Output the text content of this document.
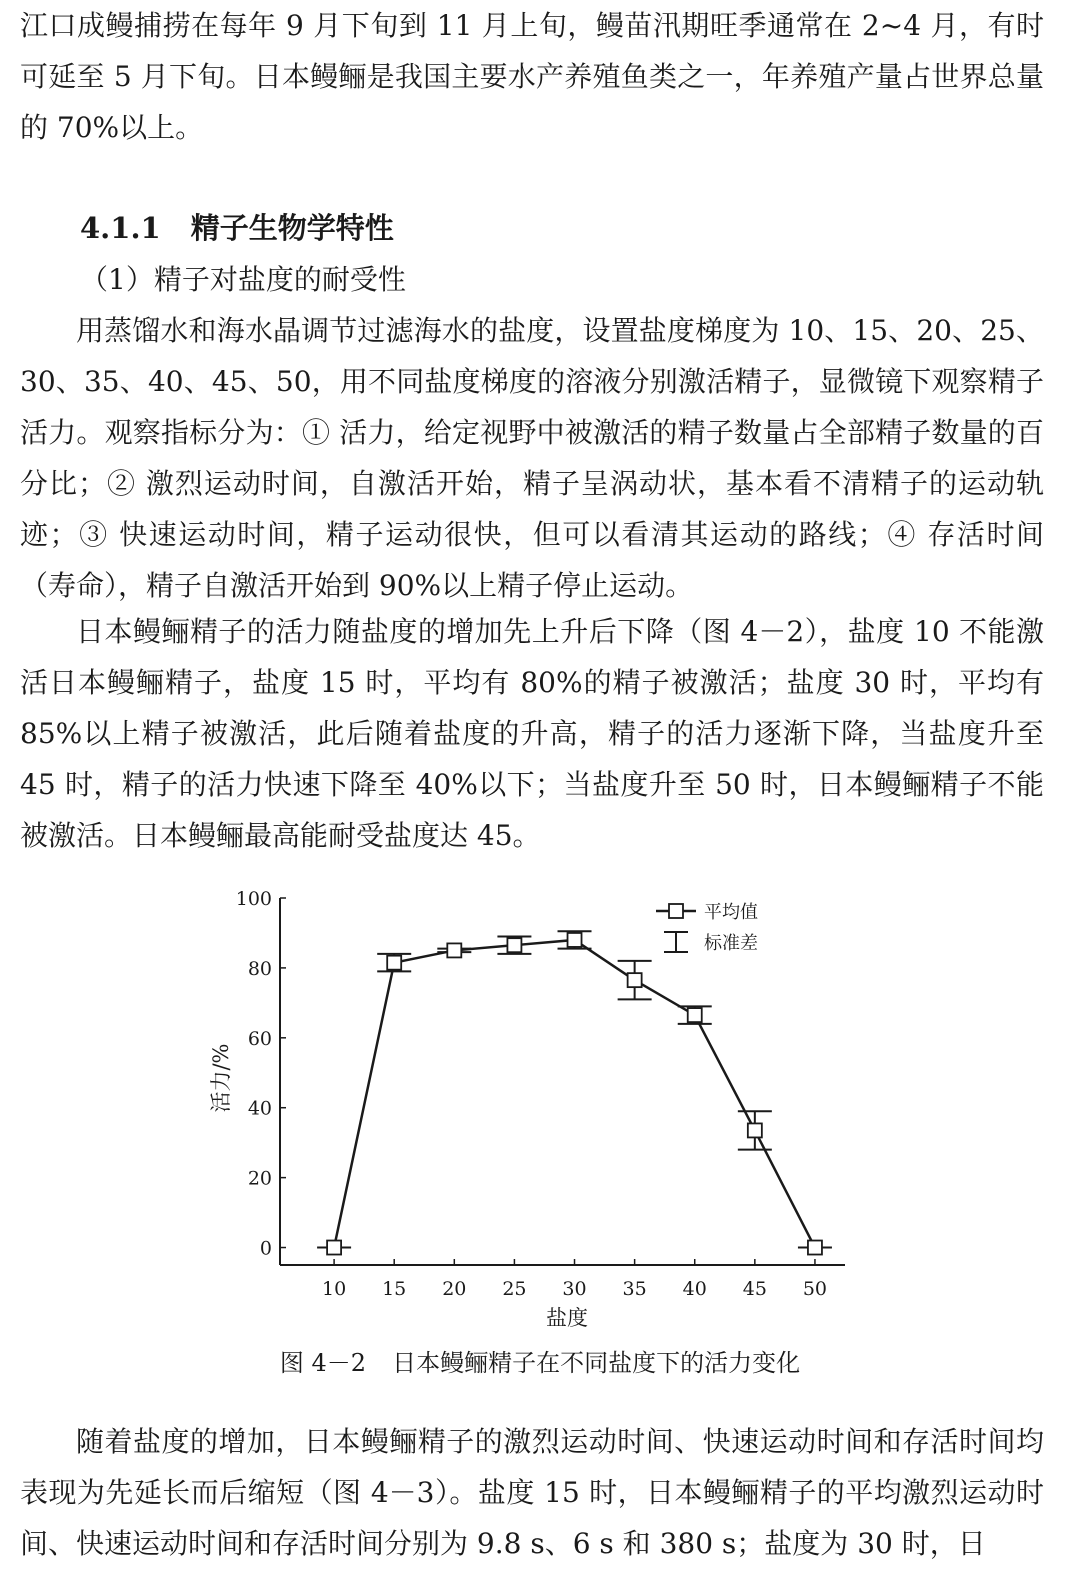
江口成鳗捕捞在每年 9 月下旬到 11 月上旬，鳗苗汛期旺季通常在 2~4 月，有时可延至 5 月下旬。日本鳗鲡是我国主要水产养殖鱼类之一，年养殖产量占世界总量的 70%以上。

4.1.1 精子生物学特性

（1）精子对盐度的耐受性

用蒸馏水和海水晶调节过滤海水的盐度，设置盐度梯度为 10、15、20、25、30、35、40、45、50，用不同盐度梯度的溶液分别激活精子，显微镜下观察精子活力。观察指标分为：① 活力，给定视野中被激活的精子数量占全部精子数量的百分比；② 激烈运动时间，自激活开始，精子呈涡动状，基本看不清精子的运动轨迹；③ 快速运动时间，精子运动很快，但可以看清其运动的路线；④ 存活时间（寿命），精子自激活开始到 90%以上精子停止运动。

日本鳗鲡精子的活力随盐度的增加先上升后下降（图 4－2），盐度 10 不能激活日本鳗鲡精子，盐度 15 时，平均有 80%的精子被激活；盐度 30 时，平均有 85%以上精子被激活，此后随着盐度的升高，精子的活力逐渐下降，当盐度升至 45 时，精子的活力快速下降至 40%以下；当盐度升至 50 时，日本鳗鲡精子不能被激活。日本鳗鲡最高能耐受盐度达 45。

0
20
40
60
80
100
10 15 20 25 30 35 40 45 50
盐度
活力/%
平均值
标准差

图 4－2 日本鳗鲡精子在不同盐度下的活力变化

随着盐度的增加，日本鳗鲡精子的激烈运动时间、快速运动时间和存活时间均表现为先延长而后缩短（图 4－3）。盐度 15 时，日本鳗鲡精子的平均激烈运动时间、快速运动时间和存活时间分别为 9.8 s、6 s 和 380 s；盐度为 30 时，日
